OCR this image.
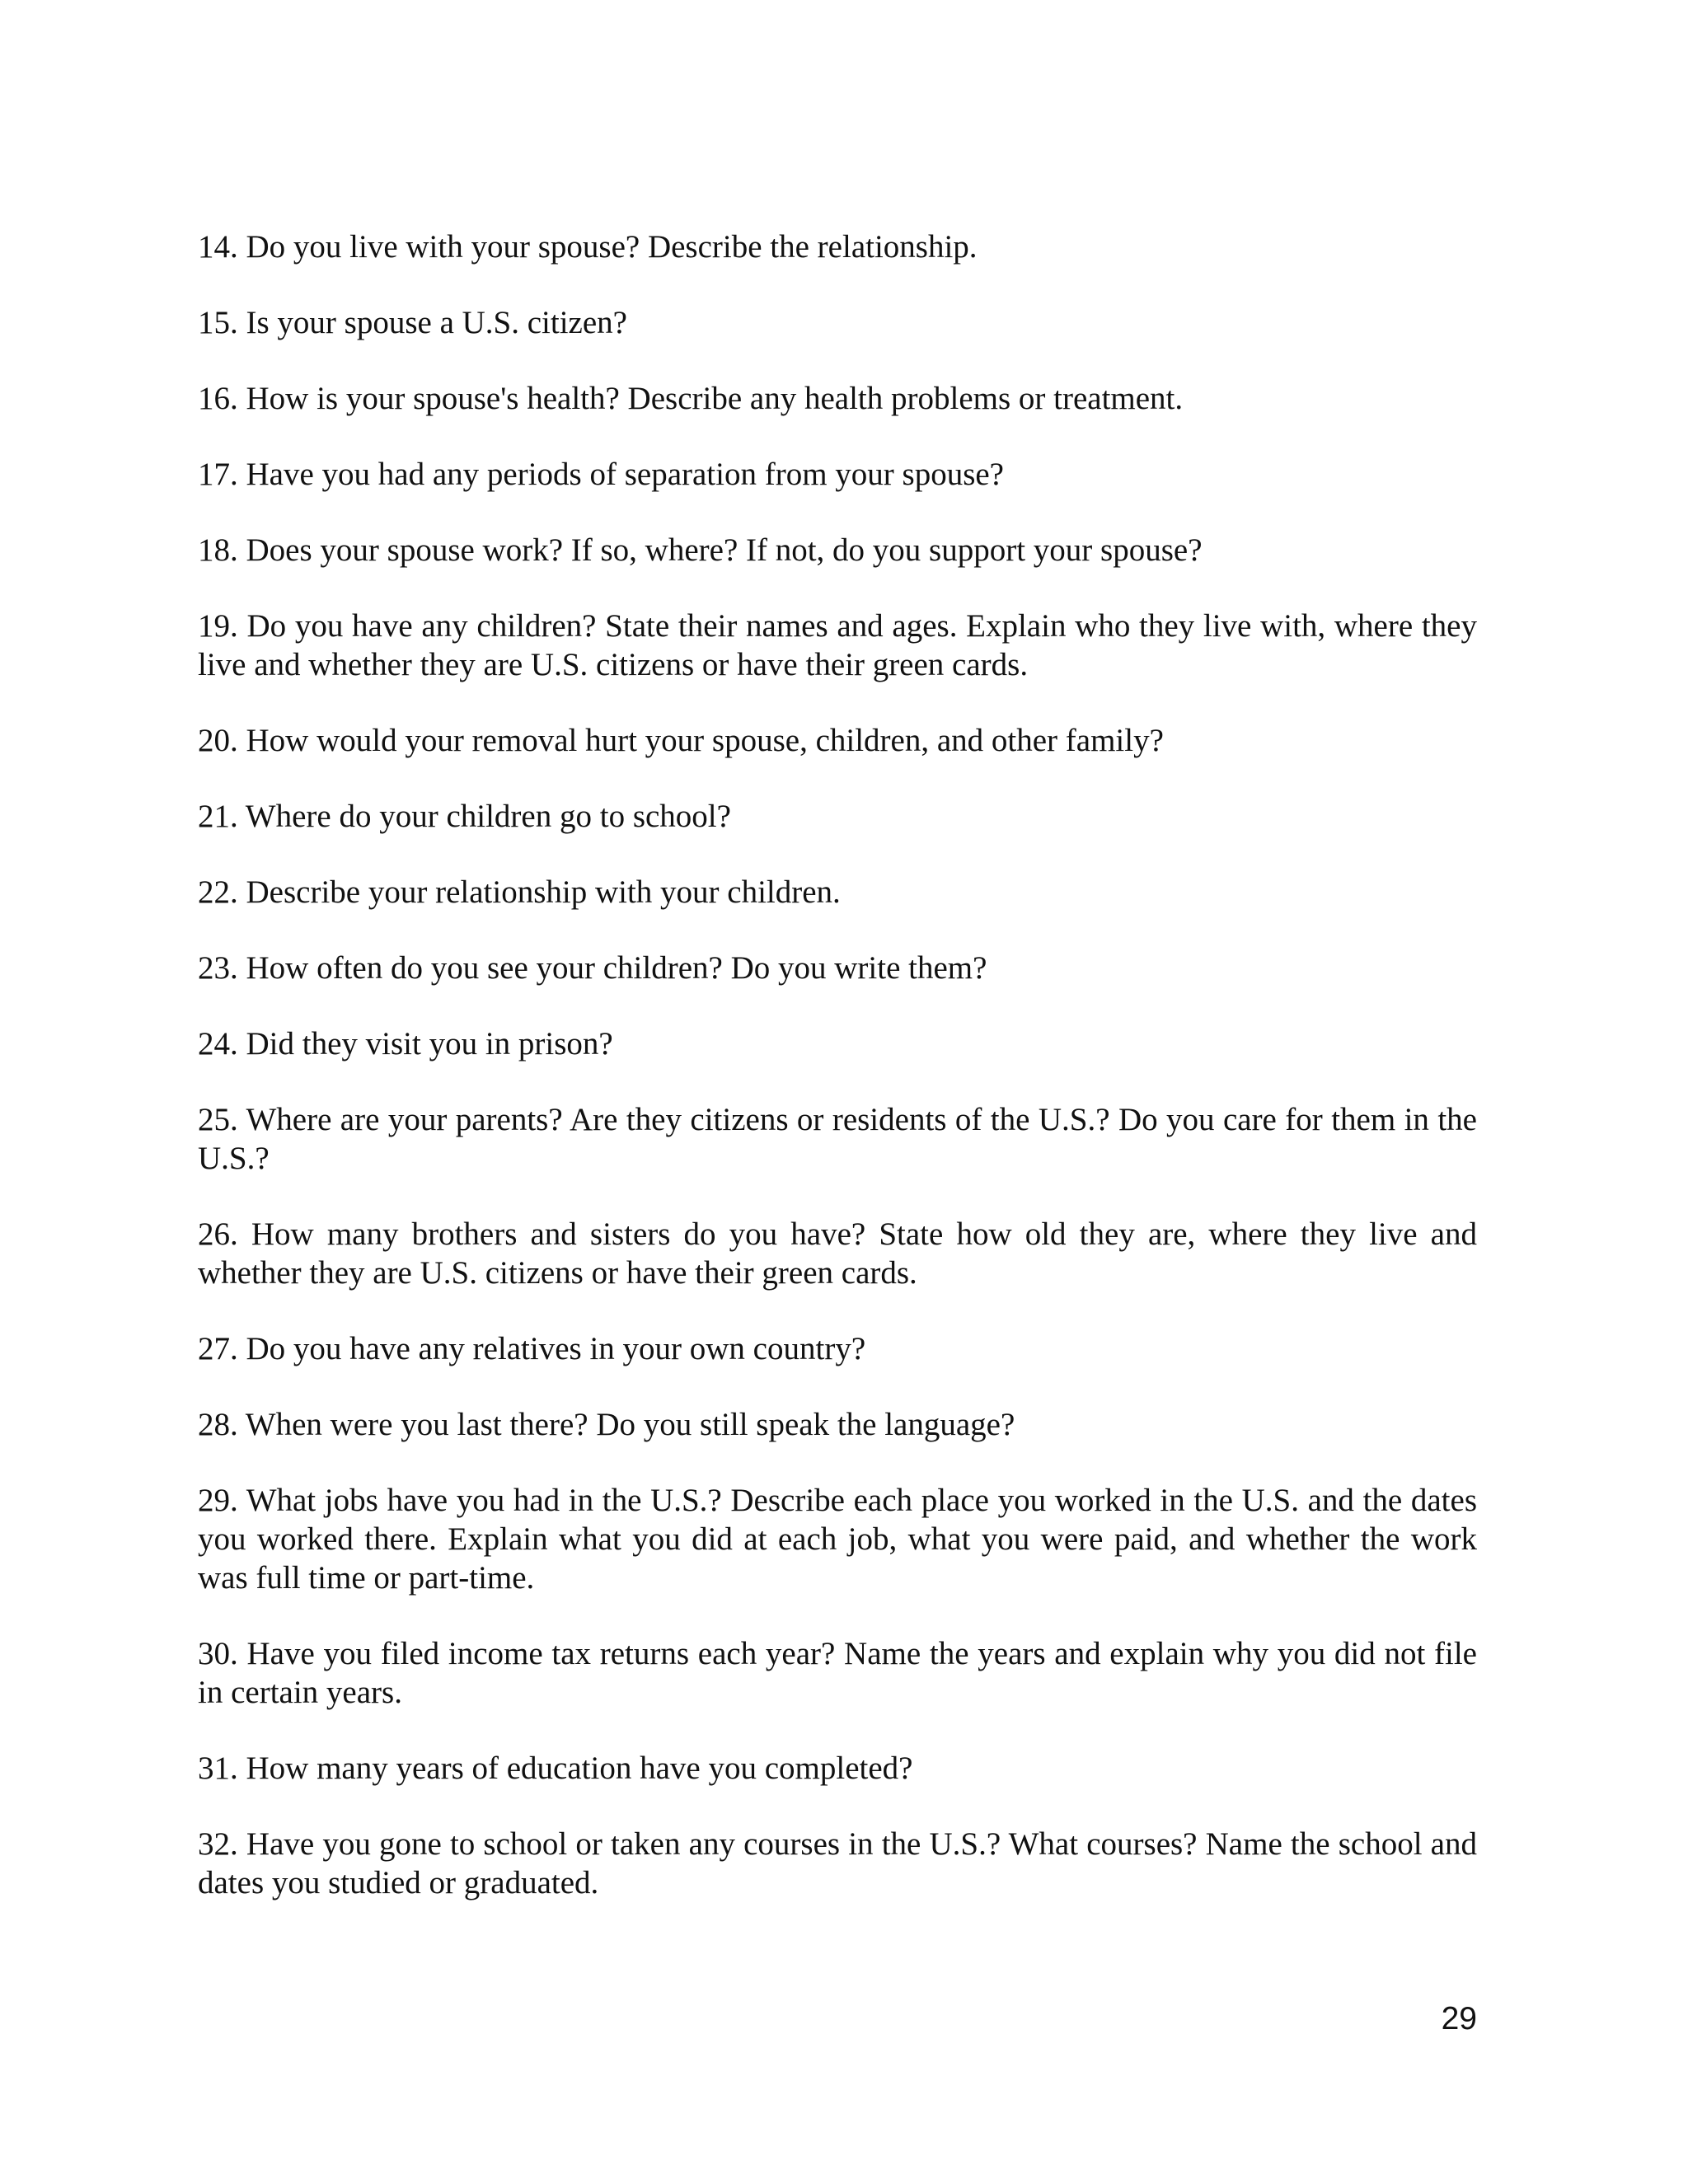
14. Do you live with your spouse? Describe the relationship.

15. Is your spouse a U.S. citizen?

16. How is your spouse's health? Describe any health problems or treatment.

17. Have you had any periods of separation from your spouse?

18. Does your spouse work? If so, where? If not, do you support your spouse?

19. Do you have any children? State their names and ages. Explain who they live with, where they live and whether they are U.S. citizens or have their green cards.

20. How would your removal hurt your spouse, children, and other family?

21. Where do your children go to school?

22. Describe your relationship with your children.

23. How often do you see your children? Do you write them?

24. Did they visit you in prison?

25. Where are your parents? Are they citizens or residents of the U.S.? Do you care for them in the U.S.?

26. How many brothers and sisters do you have? State how old they are, where they live and whether they are U.S. citizens or have their green cards.

27. Do you have any relatives in your own country?

28. When were you last there? Do you still speak the language?

29. What jobs have you had in the U.S.? Describe each place you worked in the U.S. and the dates you worked there. Explain what you did at each job, what you were paid, and whether the work was full time or part-time.

30. Have you filed income tax returns each year? Name the years and explain why you did not file in certain years.

31. How many years of education have you completed?

32. Have you gone to school or taken any courses in the U.S.? What courses? Name the school and dates you studied or graduated.

29
